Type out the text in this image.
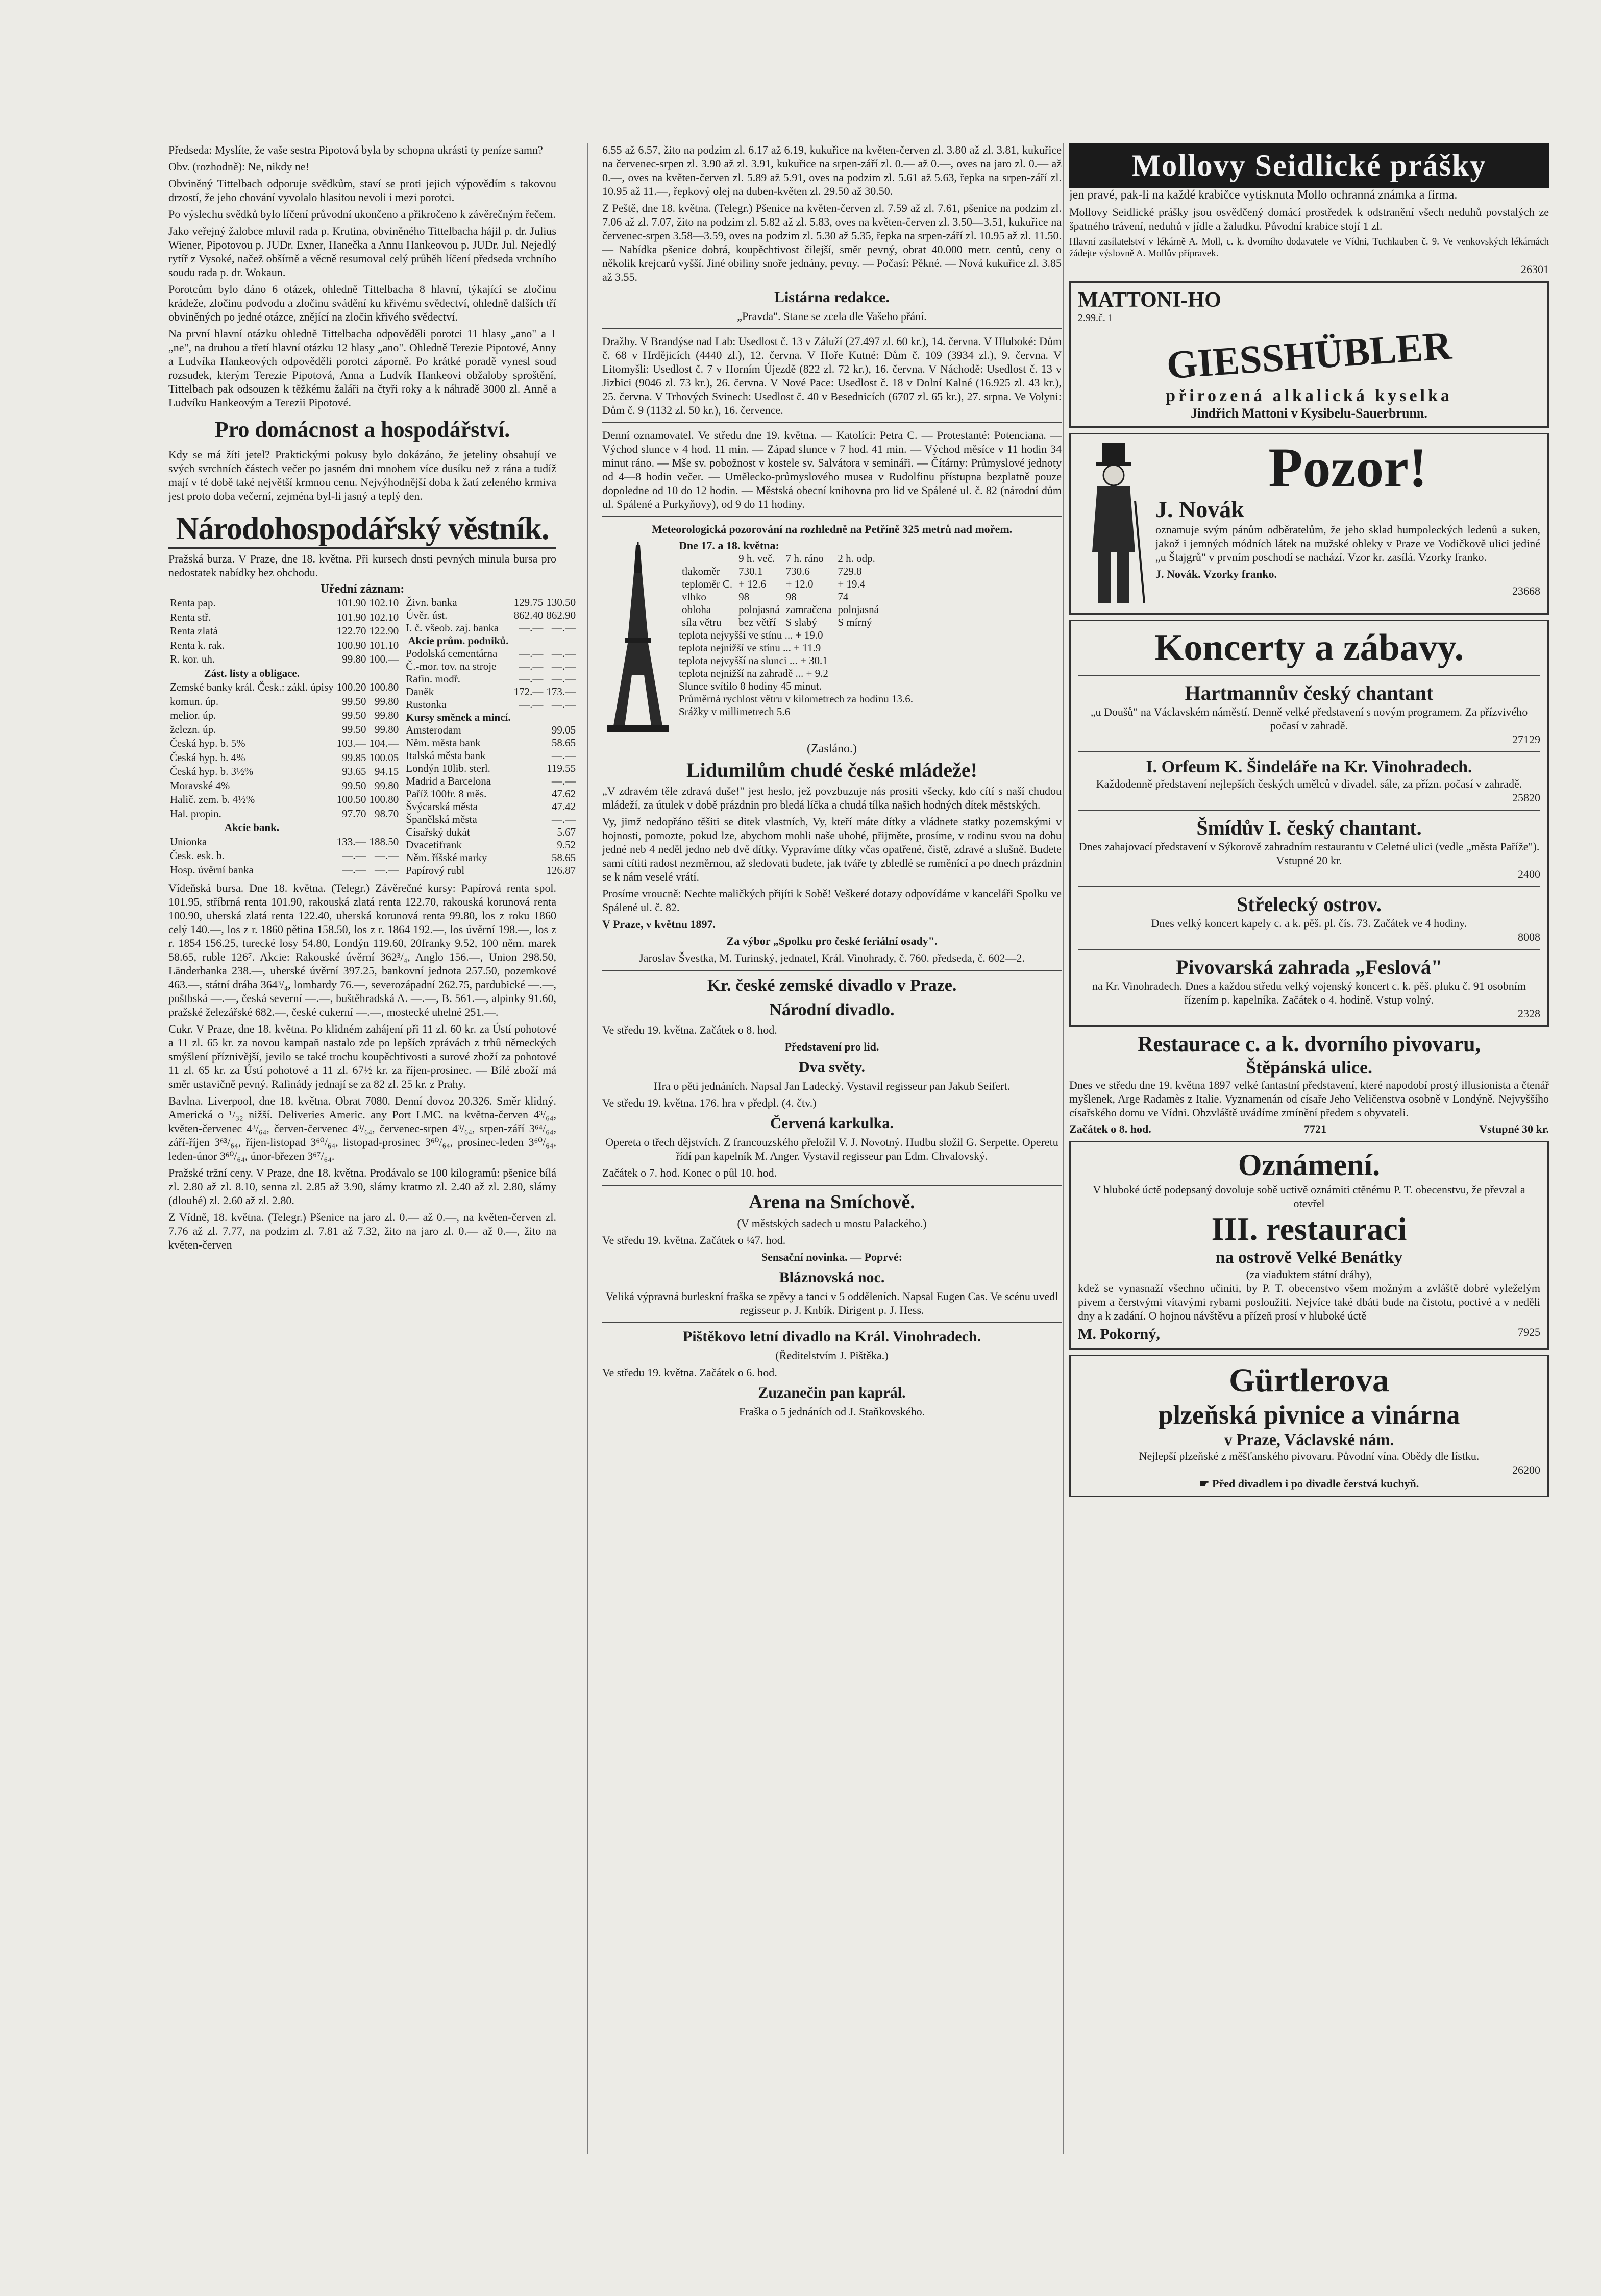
Předseda: Myslíte, že vaše sestra Pipotová byla by schopna ukrásti ty peníze samn?

Obv. (rozhodně): Ne, nikdy ne!

Obviněný Tittelbach odporuje svědkům, staví se proti jejich výpovědím s takovou drzostí, že jeho chování vyvolalo hlasitou nevoli i mezi porotci.

Po výslechu svědků bylo líčení průvodní ukončeno a přikročeno k závěrečným řečem.

Jako veřejný žalobce mluvil rada p. Krutina, obviněného Tittelbacha hájil p. dr. Julius Wiener, Pipotovou p. JUDr. Exner, Hanečka a Annu Hankeovou p. JUDr. Jul. Nejedlý rytíř z Vysoké, načež obšírně a věcně resumoval celý průběh líčení předseda vrchního soudu rada p. dr. Wokaun.

Porotcům bylo dáno 6 otázek, ohledně Tittelbacha 8 hlavní, týkající se zločinu krádeže, zločinu podvodu a zločinu svádění ku křivému svědectví, ohledně dalších tří obviněných po jedné otázce, znějící na zločin křivého svědectví.

Na první hlavní otázku ohledně Tittelbacha odpověděli porotci 11 hlasy „ano" a 1 „ne", na druhou a třetí hlavní otázku 12 hlasy „ano". Ohledně Terezie Pipotové, Anny a Ludvíka Hankeových odpověděli porotci záporně. Po krátké poradě vynesl soud rozsudek, kterým Terezie Pipotová, Anna a Ludvík Hankeovi obžaloby sproštění, Tittelbach pak odsouzen k těžkému žaláři na čtyři roky a k náhradě 3000 zl. Anně a Ludvíku Hankeovým a Terezii Pipotové.

Pro domácnost a hospodářství.

Kdy se má žíti jetel? Praktickými pokusy bylo dokázáno, že jeteliny obsahují ve svých svrchních částech večer po jasném dni mnohem více dusíku než z rána a tudíž mají v té době také největší krmnou cenu. Nejvýhodnější doba k žatí zeleného krmiva jest proto doba večerní, zejména byl-li jasný a teplý den.

Národohospodářský věstník.

Pražská burza. V Praze, dne 18. května. Při kursech dnsti pevných minula bursa pro nedostatek nabídky bez obchodu.

Uřední záznam:
Renta pap.	101.90	102.10
Renta stř.	101.90	102.10
Renta zlatá	122.70	122.90
Renta k. rak.	100.90	101.10
R. kor. uh.	99.80	100.—
Zást. listy a obligace.		
Zemské banky král. Česk.: zákl. úpisy	100.20	100.80
komun. úp.	99.50	99.80
melior. úp.	99.50	99.80
železn. úp.	99.50	99.80
Česká hyp. b. 5%	103.—	104.—
Česká hyp. b. 4%	99.85	100.05
Česká hyp. b. 3½%	93.65	94.15
Moravské 4%	99.50	99.80
Halič. zem. b. 4½%	100.50	100.80
Hal. propin.	97.70	98.70
Akcie bank.		
Unionka	133.—	188.50
Česk. esk. b.	—.—	—.—
Hosp. úvěrní banka	—.—	—.—
Živn. banka	129.75	130.50
Úvěr. úst.	862.40	862.90
I. č. všeob. zaj. banka	—.—	—.—
Akcie prům. podniků.		
Podolská cementárna	—.—	—.—
Č.-mor. tov. na stroje	—.—	—.—
Rafin. modř.	—.—	—.—
Daněk	172.—	173.—
Rustonka	—.—	—.—
Kursy směnek a mincí.		
Amsterodam		99.05
Něm. města bank		58.65
Italská města bank		—.—
Londýn 10lib. sterl.		119.55
Madrid a Barcelona		—.—
Paříž 100fr. 8 měs.		47.62
Švýcarská města		47.42
Španělská města		—.—
Císařský dukát		5.67
Dvacetifrank		9.52
Něm. říšské marky		58.65
Papírový rubl		126.87

Vídeňská bursa. Dne 18. května. (Telegr.) Závěrečné kursy: Papírová renta spol. 101.95, stříbrná renta 101.90, rakouská zlatá renta 122.70, rakouská korunová renta 100.90, uherská zlatá renta 122.40, uherská korunová renta 99.80, los z roku 1860 celý 140.—, los z r. 1860 pětina 158.50, los z r. 1864 192.—, los úvěrní 198.—, los z r. 1854 156.25, turecké losy 54.80, Londýn 119.60, 20franky 9.52, 100 něm. marek 58.65, ruble 126⁷. Akcie: Rakouské úvěrní 362³/₄, Anglo 156.—, Union 298.50, Länderbanka 238.—, uherské úvěrní 397.25, bankovní jednota 257.50, pozemkové 463.—, státní dráha 364³/₄, lombardy 76.—, severozápadní 262.75, pardubické —.—, poštbská —.—, česká severní —.—, buštěhradská A. —.—, B. 561.—, alpinky 91.60, pražské železářské 682.—, české cukerní —.—, mostecké uhelné 251.—.

Cukr. V Praze, dne 18. května. Po klidném zahájení při 11 zl. 60 kr. za Ústí pohotové a 11 zl. 65 kr. za novou kampaň nastalo zde po lepších zprávách z trhů německých smýšlení příznivější, jevilo se také trochu koupěchtivosti a surové zboží za pohotové 11 zl. 65 kr. za Ústí pohotové a 11 zl. 67½ kr. za říjen-prosinec. — Bílé zboží má směr ustavičně pevný. Rafinády jednají se za 82 zl. 25 kr. z Prahy.

Bavlna. Liverpool, dne 18. května. Obrat 7080. Denní dovoz 20.326. Směr klidný. Americká o ¹/₃₂ nižší. Deliveries Americ. any Port LMC. na května-červen 4³/₆₄, květen-červenec 4³/₆₄, červen-červenec 4³/₆₄, červenec-srpen 4³/₆₄, srpen-září 3⁶⁴/₆₄, září-říjen 3⁶³/₆₄, říjen-listopad 3⁶⁰/₆₄, listopad-prosinec 3⁶⁰/₆₄, prosinec-leden 3⁶⁰/₆₄, leden-únor 3⁶⁰/₆₄, únor-březen 3⁶⁷/₆₄.

Pražské tržní ceny. V Praze, dne 18. května. Prodávalo se 100 kilogramů: pšenice bílá zl. 2.80 až zl. 8.10, senna zl. 2.85 až 3.90, slámy kratmo zl. 2.40 až zl. 2.80, slámy (dlouhé) zl. 2.60 až zl. 2.80.

Z Vídně, 18. května. (Telegr.) Pšenice na jaro zl. 0.— až 0.—, na květen-červen zl. 7.76 až zl. 7.77, na podzim zl. 7.81 až 7.32, žito na jaro zl. 0.— až 0.—, žito na květen-červen

6.55 až 6.57, žito na podzim zl. 6.17 až 6.19, kukuřice na květen-červen zl. 3.80 až zl. 3.81, kukuřice na červenec-srpen zl. 3.90 až zl. 3.91, kukuřice na srpen-září zl. 0.— až 0.—, oves na jaro zl. 0.— až 0.—, oves na květen-červen zl. 5.89 až 5.91, oves na podzim zl. 5.61 až 5.63, řepka na srpen-září zl. 10.95 až 11.—, řepkový olej na duben-květen zl. 29.50 až 30.50.

Z Peště, dne 18. května. (Telegr.) Pšenice na květen-červen zl. 7.59 až zl. 7.61, pšenice na podzim zl. 7.06 až zl. 7.07, žito na podzim zl. 5.82 až zl. 5.83, oves na květen-červen zl. 3.50—3.51, kukuřice na červenec-srpen 3.58—3.59, oves na podzim zl. 5.30 až 5.35, řepka na srpen-září zl. 10.95 až zl. 11.50. — Nabídka pšenice dobrá, koupěchtivost čilejší, směr pevný, obrat 40.000 metr. centů, ceny o několik krejcarů vyšší. Jiné obiliny snoře jednány, pevny. — Počasí: Pěkné. — Nová kukuřice zl. 3.85 až 3.55.

Listárna redakce.

„Pravda". Stane se zcela dle Vašeho přání.

Dražby. V Brandýse nad Lab: Usedlost č. 13 v Záluží (27.497 zl. 60 kr.), 14. června. V Hluboké: Dům č. 68 v Hrdějicích (4440 zl.), 12. června. V Hoře Kutné: Dům č. 109 (3934 zl.), 9. června. V Litomyšli: Usedlost č. 7 v Horním Újezdě (822 zl. 72 kr.), 16. června. V Náchodě: Usedlost č. 13 v Jizbici (9046 zl. 73 kr.), 26. června. V Nové Pace: Usedlost č. 18 v Dolní Kalné (16.925 zl. 43 kr.), 25. června. V Trhových Svinech: Usedlost č. 40 v Besednicích (6707 zl. 65 kr.), 27. srpna. Ve Volyni: Dům č. 9 (1132 zl. 50 kr.), 16. července.

Denní oznamovatel. Ve středu dne 19. května. — Katolíci: Petra C. — Protestanté: Potenciana. — Východ slunce v 4 hod. 11 min. — Západ slunce v 7 hod. 41 min. — Východ měsíce v 11 hodin 34 minut ráno. — Mše sv. pobožnost v kostele sv. Salvátora v semináři. — Čítárny: Průmyslové jednoty od 4—8 hodin večer. — Umělecko-průmyslového musea v Rudolfinu přístupna bezplatně pouze dopoledne od 10 do 12 hodin. — Městská obecní knihovna pro lid ve Spálené ul. č. 82 (národní dům ul. Spálené a Purkyňovy), od 9 do 11 hodiny.

Meteorologická pozorování na rozhledně na Petříně 325 metrů nad mořem.

Dne 17. a 18. května:
	9 h. več.	7 h. ráno	2 h. odp.
tlakoměr	730.1	730.6	729.8
teploměr C.	+ 12.6	+ 12.0	+ 19.4
vlhko	98	98	74
obloha	polojasná	zamračena	polojasná
síla větru	bez větří	S slabý	S mírný
teplota nejvyšší ve stínu ... + 19.0
teplota nejnižší ve stínu ... + 11.9
teplota nejvyšší na slunci ... + 30.1
teplota nejnižší na zahradě ... + 9.2
Slunce svítilo 8 hodiny 45 minut.
Průměrná rychlost větru v kilometrech za hodinu 13.6.
Srážky v millimetrech 5.6
(Zasláno.)
Lidumilům chudé české mládeže!

„V zdravém těle zdravá duše!" jest heslo, jež povzbuzuje nás prositi všecky, kdo cítí s naší chudou mládeží, za útulek v době prázdnin pro bledá líčka a chudá tílka našich hodných dítek městských.

Vy, jimž nedopřáno těšiti se ditek vlastních, Vy, kteří máte dítky a vládnete statky pozemskými v hojnosti, pomozte, pokud lze, abychom mohli naše ubohé, přijměte, prosíme, v rodinu svou na dobu jedné neb 4 neděl jedno neb dvě dítky. Vypravíme dítky včas opatřené, čistě, zdravé a slušně. Budete sami cítiti radost nezměrnou, až sledovati budete, jak tváře ty zbledlé se ruměnící a po dnech prázdnin se k nám veselé vrátí.

Prosíme vroucně: Nechte maličkých přijíti k Sobě! Veškeré dotazy odpovídáme v kanceláři Spolku ve Spálené ul. č. 82.

V Praze, v květnu 1897.

Za výbor „Spolku pro české feriální osady".

Jaroslav Švestka, M. Turinský, jednatel, Král. Vinohrady, č. 760. předseda, č. 602—2.

Kr. české zemské divadlo v Praze.
Národní divadlo.

Ve středu 19. května. Začátek o 8. hod.

Představení pro lid.

Dva světy.

Hra o pěti jednáních. Napsal Jan Ladecký. Vystavil regisseur pan Jakub Seifert.

Ve středu 19. května. 176. hra v předpl. (4. čtv.)

Červená karkulka.

Opereta o třech dějstvích. Z francouzského přeložil V. J. Novotný. Hudbu složil G. Serpette. Operetu řídí pan kapelník M. Anger. Vystavil regisseur pan Edm. Chvalovský.

Začátek o 7. hod. Konec o půl 10. hod.

Arena na Smíchově.

(V městských sadech u mostu Palackého.)

Ve středu 19. května. Začátek o ¼7. hod.

Sensační novinka. — Poprvé:

Bláznovská noc.

Veliká výpravná burleskní fraška se zpěvy a tanci v 5 odděleních. Napsal Eugen Cas. Ve scénu uvedl regisseur p. J. Knbík. Dirigent p. J. Hess.

Pištěkovo letní divadlo na Král. Vinohradech.

(Ředitelstvím J. Pištěka.)

Ve středu 19. května. Začátek o 6. hod.

Zuzanečin pan kaprál.

Fraška o 5 jednáních od J. Staňkovského.

Mollovy Seidlické prášky

jen pravé, pak-li na každé krabičce vytisknuta Mollo ochranná známka a firma.

Mollovy Seidlické prášky jsou osvědčený domácí prostředek k odstranění všech neduhů povstalých ze špatného trávení, neduhů v jídle a žaludku. Původní krabice stojí 1 zl.

Hlavní zasílatelství v lékárně A. Moll, c. k. dvorního dodavatele ve Vídni, Tuchlauben č. 9. Ve venkovských lékárnách žádejte výslovně A. Mollův přípravek.

26301

MATTONI-HO
2.99.č. 1
GIESSHÜBLER
přirozená alkalická kyselka
Jindřich Mattoni v Kysibelu-Sauerbrunn.
Pozor!
J. Novák

oznamuje svým pánům odběratelům, že jeho sklad humpoleckých ledenů a suken, jakož i jemných módních látek na mužské obleky v Praze ve Vodičkově ulici jediné „u Štajgrů" v prvním poschodí se nachází. Vzor kr. zasílá. Vzorky franko.

J. Novák. Vzorky franko.

23668

Koncerty a zábavy.
Hartmannův český chantant

„u Doušů" na Václavském náměstí. Denně velké představení s novým programem. Za přízvivého počasí v zahradě.

27129

I. Orfeum K. Šindeláře na Kr. Vinohradech.

Každodenně představení nejlepších českých umělců v divadel. sále, za přízn. počasí v zahradě.

25820

Šmídův I. český chantant.

Dnes zahajovací představení v Sýkorově zahradním restaurantu v Celetné ulici (vedle „města Paříže"). Vstupné 20 kr.

2400

Střelecký ostrov.

Dnes velký koncert kapely c. a k. pěš. pl. čís. 73. Začátek ve 4 hodiny.

8008

Pivovarská zahrada „Feslová"

na Kr. Vinohradech. Dnes a každou středu velký vojenský koncert c. k. pěš. pluku č. 91 osobním řízením p. kapelníka. Začátek o 4. hodině. Vstup volný.

2328

Restaurace c. a k. dvorního pivovaru,
Štěpánská ulice.

Dnes ve středu dne 19. května 1897 velké fantastní představení, které napodobí prostý illusionista a čtenář myšlenek, Arge Radamès z Italie. Vyznamenán od císaře Jeho Veličenstva osobně v Londýně. Nejvyššího císařského domu ve Vídni. Obzvláště uvádíme zmínění předem s obyvateli.

Začátek o 8. hod.	7721	Vstupné 30 kr.
Oznámení.

V hluboké úctě podepsaný dovoluje sobě uctivě oznámiti ctěnému P. T. obecenstvu, že převzal a otevřel

III. restauraci
na ostrově Velké Benátky

(za viaduktem státní dráhy),

kdež se vynasnaží všechno učiniti, by P. T. obecenstvo všem možným a zvláště dobré vyleželým pivem a čerstvými vítavými rybami posloužiti. Nejvíce také dbáti bude na čistotu, poctivé a v neděli dny a k zadání. O hojnou návštěvu a přízeň prosí v hluboké úctě

M. Pokorný,	7925
Gürtlerova
plzeňská pivnice a vinárna
v Praze, Václavské nám.

Nejlepší plzeňské z měšťanského pivovaru. Původní vína. Obědy dle lístku.

26200

☛ Před divadlem i po divadle čerstvá kuchyň.
